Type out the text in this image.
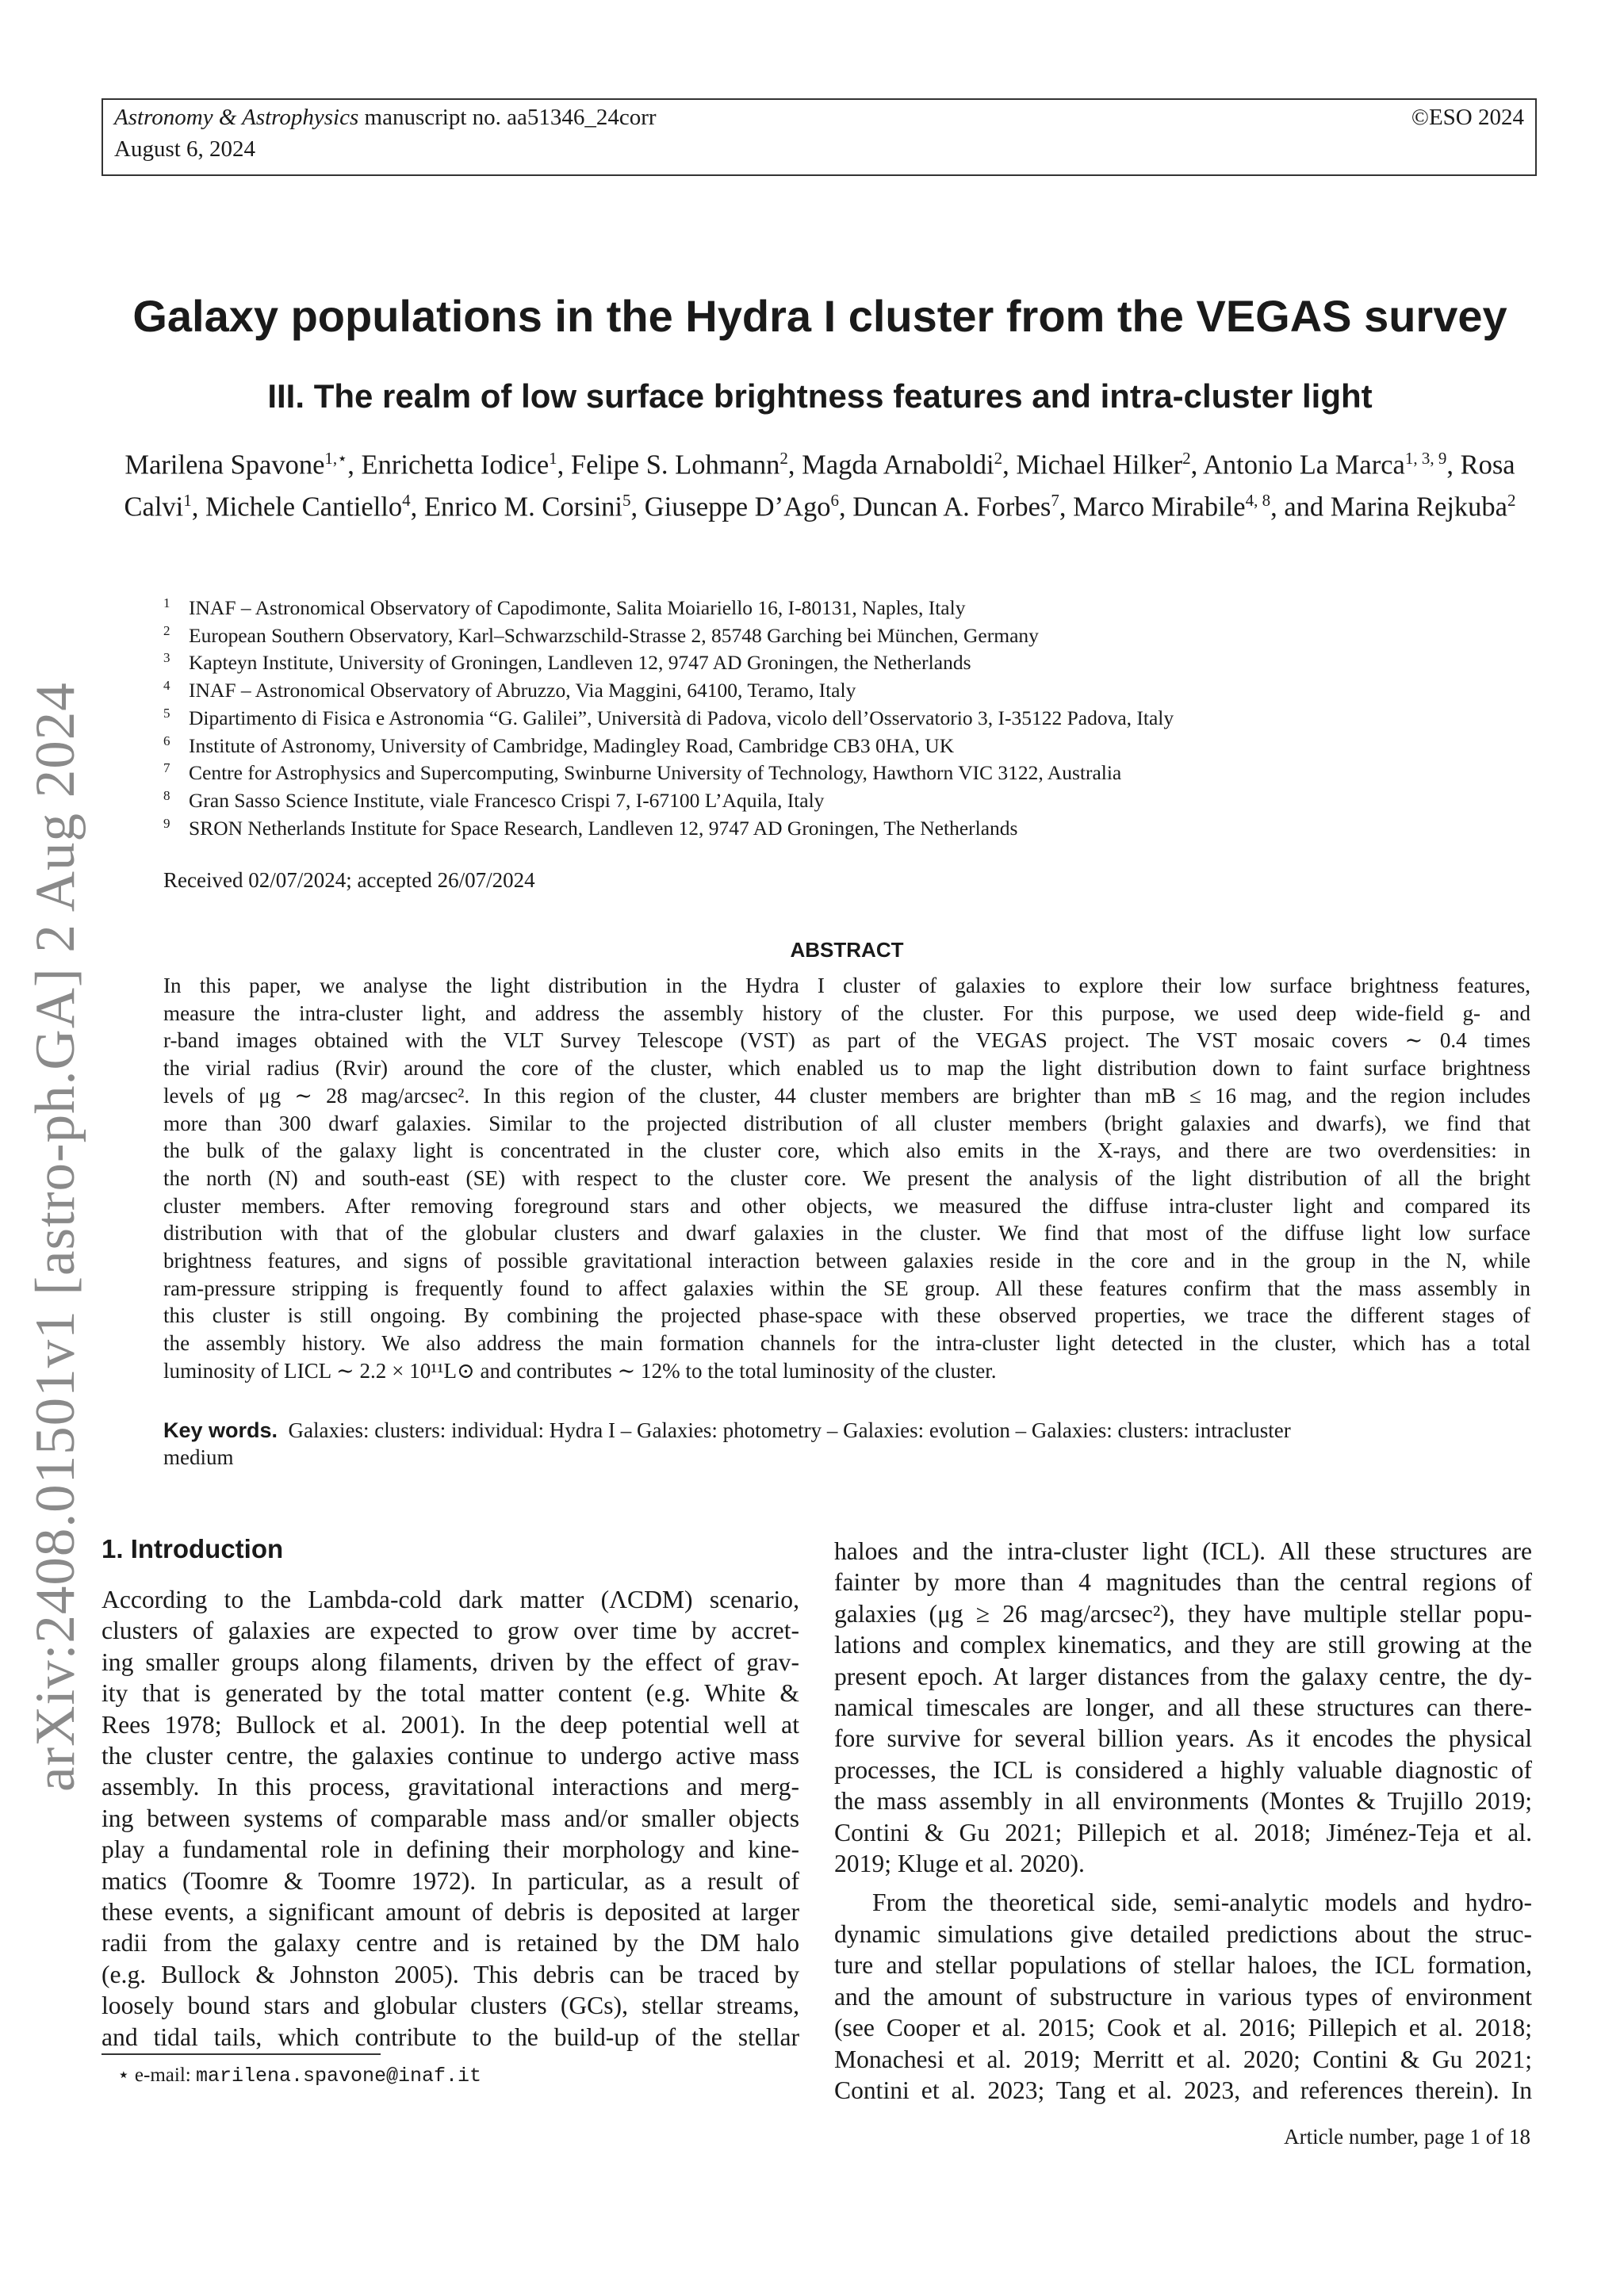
Astronomy & Astrophysics manuscript no. aa51346_24corr
August 6, 2024
©ESO 2024
arXiv:2408.01501v1 [astro-ph.GA] 2 Aug 2024
Galaxy populations in the Hydra I cluster from the VEGAS survey
III. The realm of low surface brightness features and intra-cluster light
Marilena Spavone$^{1,⋆}$, Enrichetta Iodice$^1$, Felipe S. Lohmann$^2$, Magda Arnaboldi$^2$, Michael Hilker$^2$, Antonio La Marca$^{1, 3, 9}$, Rosa Calvi$^1$, Michele Cantiello$^4$, Enrico M. Corsini$^5$, Giuseppe D’Ago$^6$, Duncan A. Forbes$^7$, Marco Mirabile$^{4, 8}$, and Marina Rejkuba$^2$
1 INAF – Astronomical Observatory of Capodimonte, Salita Moiariello 16, I-80131, Naples, Italy
2 European Southern Observatory, Karl–Schwarzschild-Strasse 2, 85748 Garching bei München, Germany
3 Kapteyn Institute, University of Groningen, Landleven 12, 9747 AD Groningen, the Netherlands
4 INAF – Astronomical Observatory of Abruzzo, Via Maggini, 64100, Teramo, Italy
5 Dipartimento di Fisica e Astronomia “G. Galilei”, Università di Padova, vicolo dell’Osservatorio 3, I-35122 Padova, Italy
6 Institute of Astronomy, University of Cambridge, Madingley Road, Cambridge CB3 0HA, UK
7 Centre for Astrophysics and Supercomputing, Swinburne University of Technology, Hawthorn VIC 3122, Australia
8 Gran Sasso Science Institute, viale Francesco Crispi 7, I-67100 L’Aquila, Italy
9 SRON Netherlands Institute for Space Research, Landleven 12, 9747 AD Groningen, The Netherlands
Received 02/07/2024; accepted 26/07/2024
ABSTRACT
In this paper, we analyse the light distribution in the Hydra I cluster of galaxies to explore their low surface brightness features,
measure the intra-cluster light, and address the assembly history of the cluster. For this purpose, we used deep wide-field g- and
r-band images obtained with the VLT Survey Telescope (VST) as part of the VEGAS project. The VST mosaic covers ∼ 0.4 times
the virial radius (Rvir) around the core of the cluster, which enabled us to map the light distribution down to faint surface brightness
levels of μg ∼ 28 mag/arcsec². In this region of the cluster, 44 cluster members are brighter than mB ≤ 16 mag, and the region includes
more than 300 dwarf galaxies. Similar to the projected distribution of all cluster members (bright galaxies and dwarfs), we find that
the bulk of the galaxy light is concentrated in the cluster core, which also emits in the X-rays, and there are two overdensities: in
the north (N) and south-east (SE) with respect to the cluster core. We present the analysis of the light distribution of all the bright
cluster members. After removing foreground stars and other objects, we measured the diffuse intra-cluster light and compared its
distribution with that of the globular clusters and dwarf galaxies in the cluster. We find that most of the diffuse light low surface
brightness features, and signs of possible gravitational interaction between galaxies reside in the core and in the group in the N, while
ram-pressure stripping is frequently found to affect galaxies within the SE group. All these features confirm that the mass assembly in
this cluster is still ongoing. By combining the projected phase-space with these observed properties, we trace the different stages of
the assembly history. We also address the main formation channels for the intra-cluster light detected in the cluster, which has a total
luminosity of LICL ∼ 2.2 × 10¹¹L⊙ and contributes ∼ 12% to the total luminosity of the cluster.
Key words. Galaxies: clusters: individual: Hydra I – Galaxies: photometry – Galaxies: evolution – Galaxies: clusters: intracluster
medium
1. Introduction
According to the Lambda-cold dark matter (ΛCDM) scenario,
clusters of galaxies are expected to grow over time by accret-
ing smaller groups along filaments, driven by the effect of grav-
ity that is generated by the total matter content (e.g. White &
Rees 1978; Bullock et al. 2001). In the deep potential well at
the cluster centre, the galaxies continue to undergo active mass
assembly. In this process, gravitational interactions and merg-
ing between systems of comparable mass and/or smaller objects
play a fundamental role in defining their morphology and kine-
matics (Toomre & Toomre 1972). In particular, as a result of
these events, a significant amount of debris is deposited at larger
radii from the galaxy centre and is retained by the DM halo
(e.g. Bullock & Johnston 2005). This debris can be traced by
loosely bound stars and globular clusters (GCs), stellar streams,
and tidal tails, which contribute to the build-up of the stellar
haloes and the intra-cluster light (ICL). All these structures are
fainter by more than 4 magnitudes than the central regions of
galaxies (μg ≥ 26 mag/arcsec²), they have multiple stellar popu-
lations and complex kinematics, and they are still growing at the
present epoch. At larger distances from the galaxy centre, the dy-
namical timescales are longer, and all these structures can there-
fore survive for several billion years. As it encodes the physical
processes, the ICL is considered a highly valuable diagnostic of
the mass assembly in all environments (Montes & Trujillo 2019;
Contini & Gu 2021; Pillepich et al. 2018; Jiménez-Teja et al.
2019; Kluge et al. 2020).
From the theoretical side, semi-analytic models and hydro-
dynamic simulations give detailed predictions about the struc-
ture and stellar populations of stellar haloes, the ICL formation,
and the amount of substructure in various types of environment
(see Cooper et al. 2015; Cook et al. 2016; Pillepich et al. 2018;
Monachesi et al. 2019; Merritt et al. 2020; Contini & Gu 2021;
Contini et al. 2023; Tang et al. 2023, and references therein). In
⋆ e-mail: marilena.spavone@inaf.it
Article number, page 1 of 18
